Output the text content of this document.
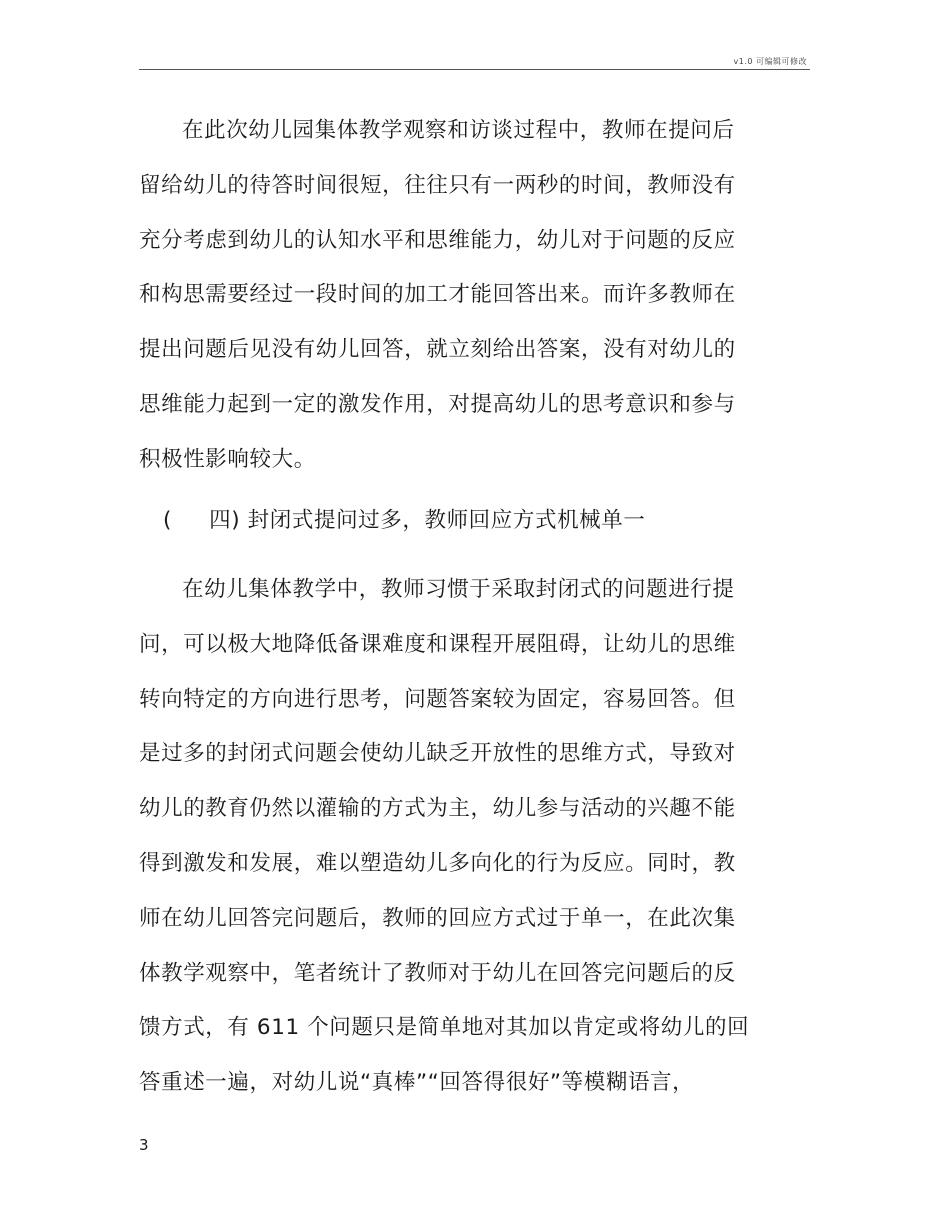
v1.0 可编辑可修改

在此次幼儿园集体教学观察和访谈过程中，教师在提问后
留给幼儿的待答时间很短，往往只有一两秒的时间，教师没有
充分考虑到幼儿的认知水平和思维能力，幼儿对于问题的反应
和构思需要经过一段时间的加工才能回答出来。而许多教师在
提出问题后见没有幼儿回答，就立刻给出答案，没有对幼儿的
思维能力起到一定的激发作用，对提高幼儿的思考意识和参与
积极性影响较大。

(     四) 封闭式提问过多，教师回应方式机械单一

在幼儿集体教学中，教师习惯于采取封闭式的问题进行提
问，可以极大地降低备课难度和课程开展阻碍，让幼儿的思维
转向特定的方向进行思考，问题答案较为固定，容易回答。但
是过多的封闭式问题会使幼儿缺乏开放性的思维方式，导致对
幼儿的教育仍然以灌输的方式为主，幼儿参与活动的兴趣不能
得到激发和发展，难以塑造幼儿多向化的行为反应。同时，教
师在幼儿回答完问题后，教师的回应方式过于单一，在此次集
体教学观察中，笔者统计了教师对于幼儿在回答完问题后的反
馈方式，有 611 个问题只是简单地对其加以肯定或将幼儿的回
答重述一遍，对幼儿说“真棒”“回答得很好”等模糊语言，

3
